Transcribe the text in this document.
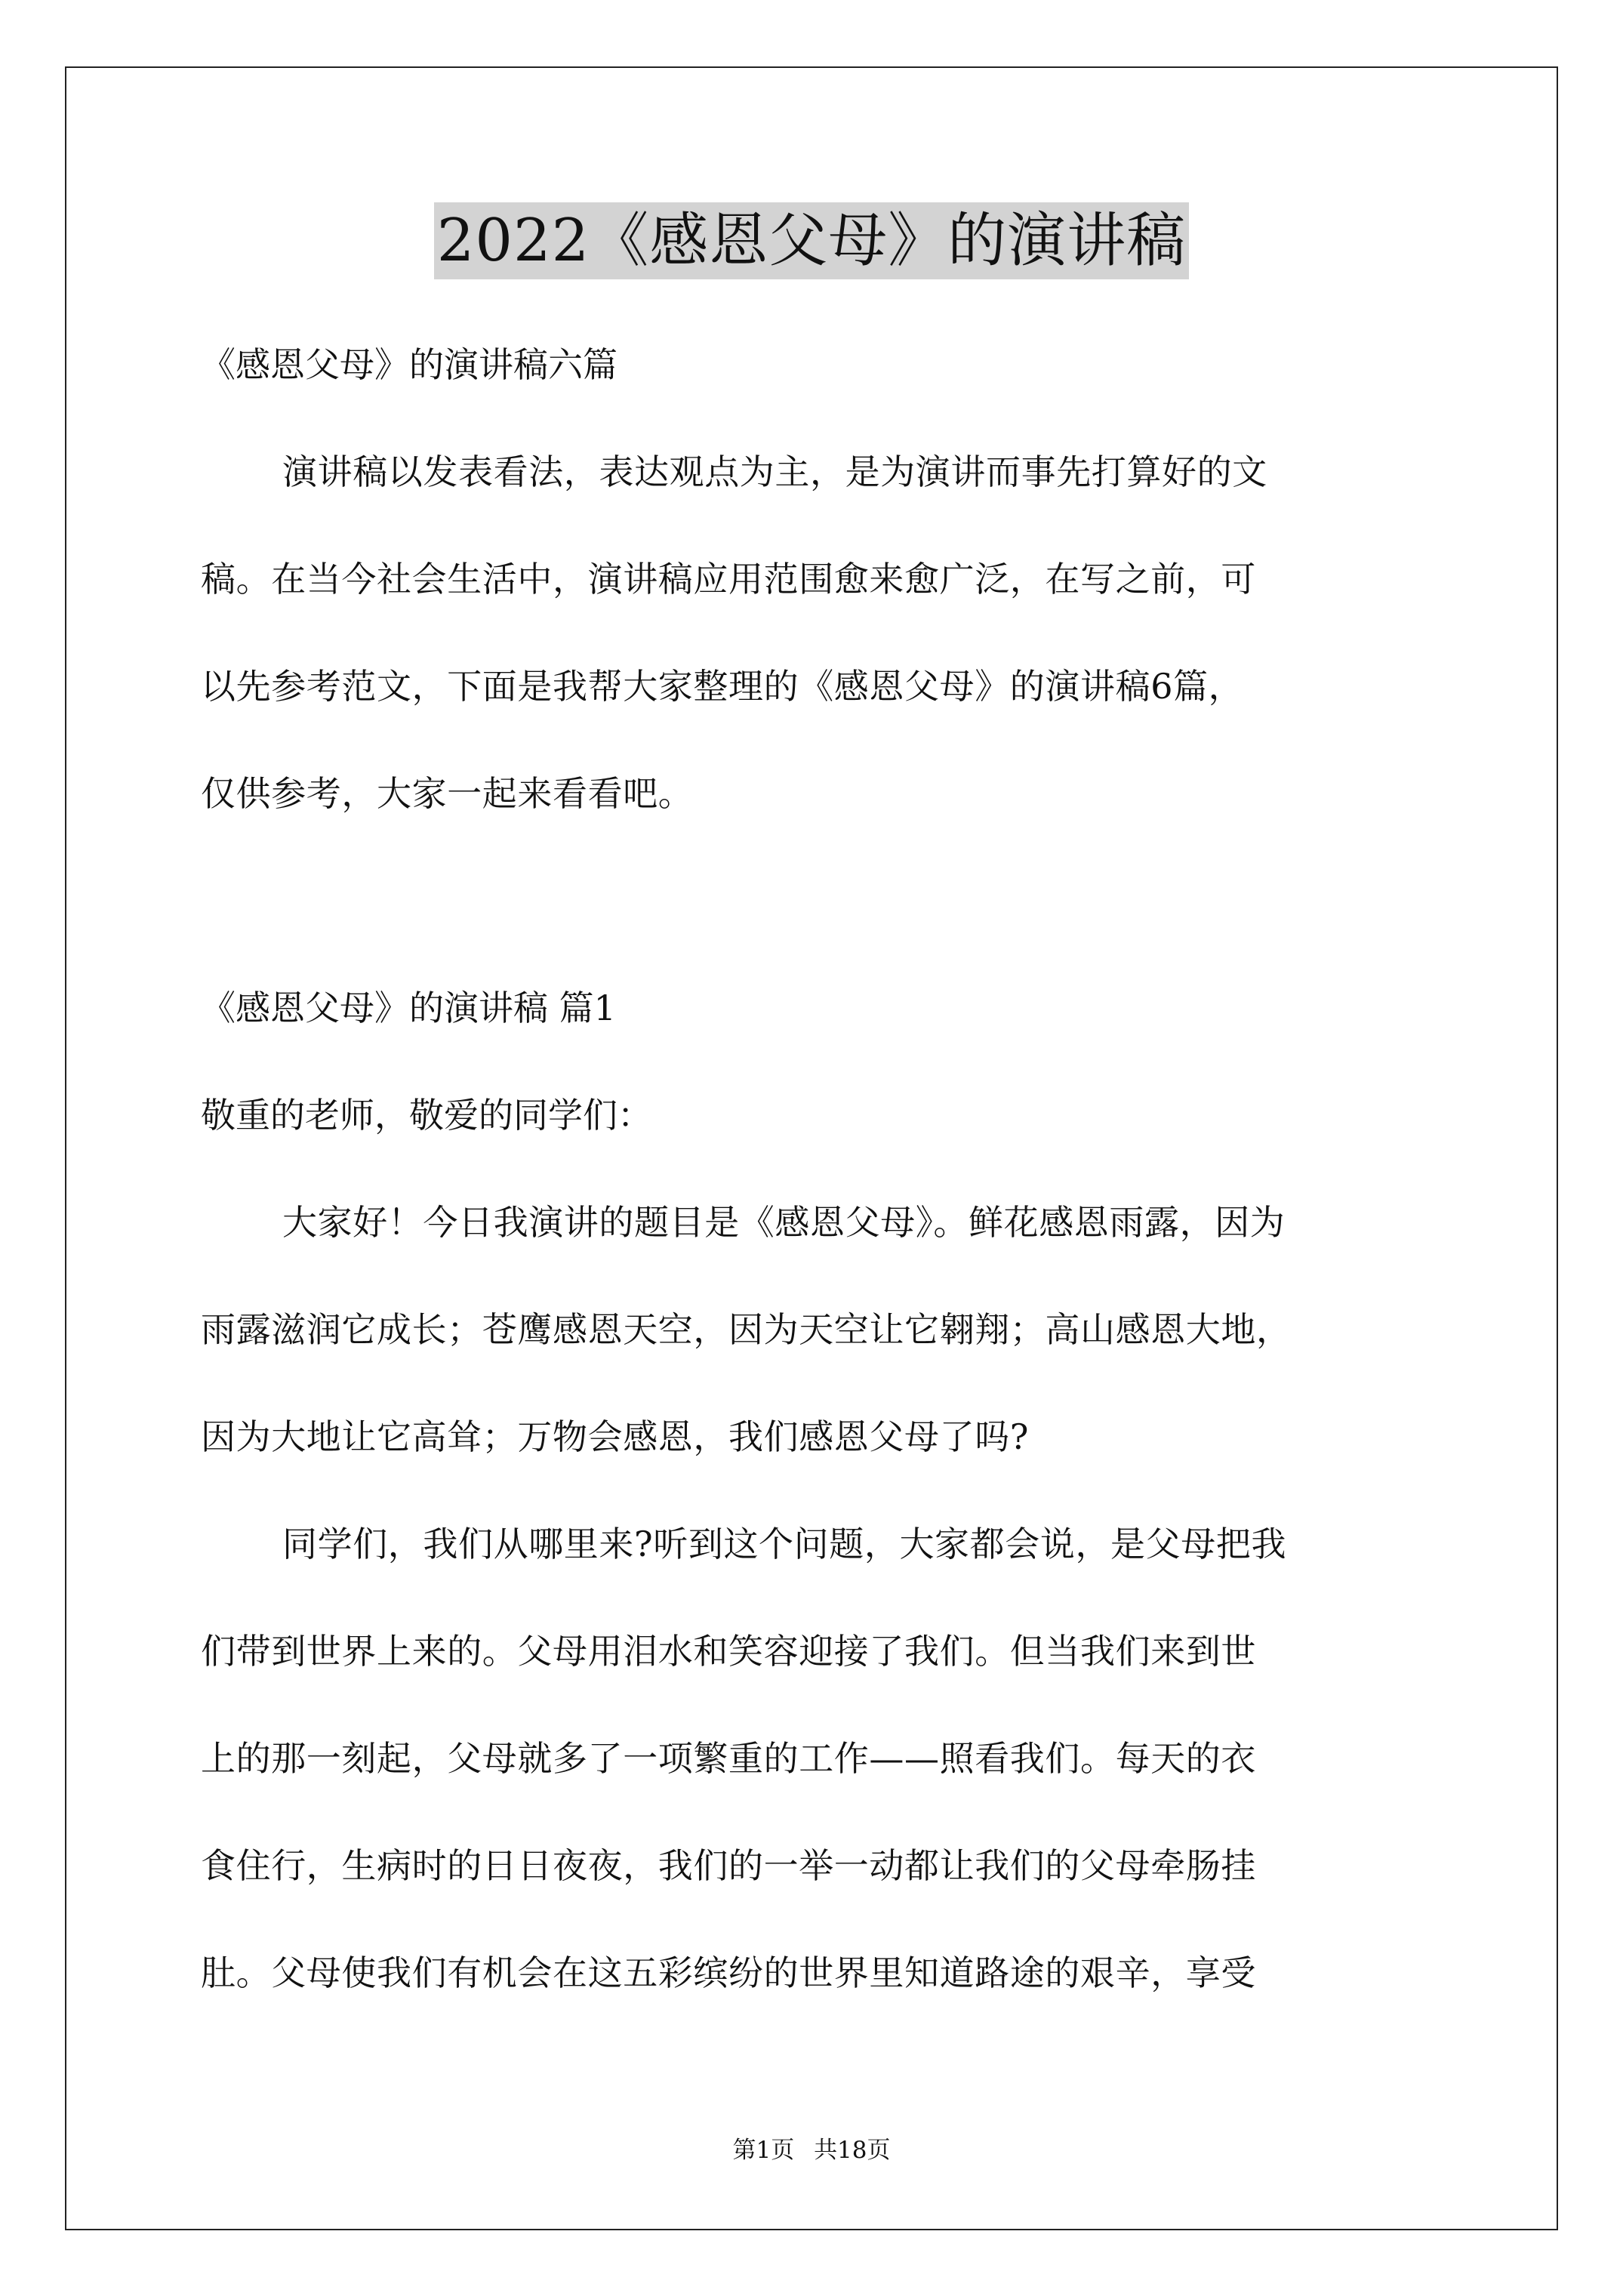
2022《感恩父母》的演讲稿

《感恩父母》的演讲稿六篇

演讲稿以发表看法，表达观点为主，是为演讲而事先打算好的文
稿。在当今社会生活中，演讲稿应用范围愈来愈广泛，在写之前，可
以先参考范文，下面是我帮大家整理的《感恩父母》的演讲稿6篇，
仅供参考，大家一起来看看吧。

《感恩父母》的演讲稿 篇1

敬重的老师，敬爱的同学们：

大家好！今日我演讲的题目是《感恩父母》。鲜花感恩雨露，因为
雨露滋润它成长；苍鹰感恩天空，因为天空让它翱翔；高山感恩大地，
因为大地让它高耸；万物会感恩，我们感恩父母了吗?
同学们，我们从哪里来?听到这个问题，大家都会说，是父母把我
们带到世界上来的。父母用泪水和笑容迎接了我们。但当我们来到世
上的那一刻起，父母就多了一项繁重的工作——照看我们。每天的衣
食住行，生病时的日日夜夜，我们的一举一动都让我们的父母牵肠挂
肚。父母使我们有机会在这五彩缤纷的世界里知道路途的艰辛，享受
第1页 共18页
